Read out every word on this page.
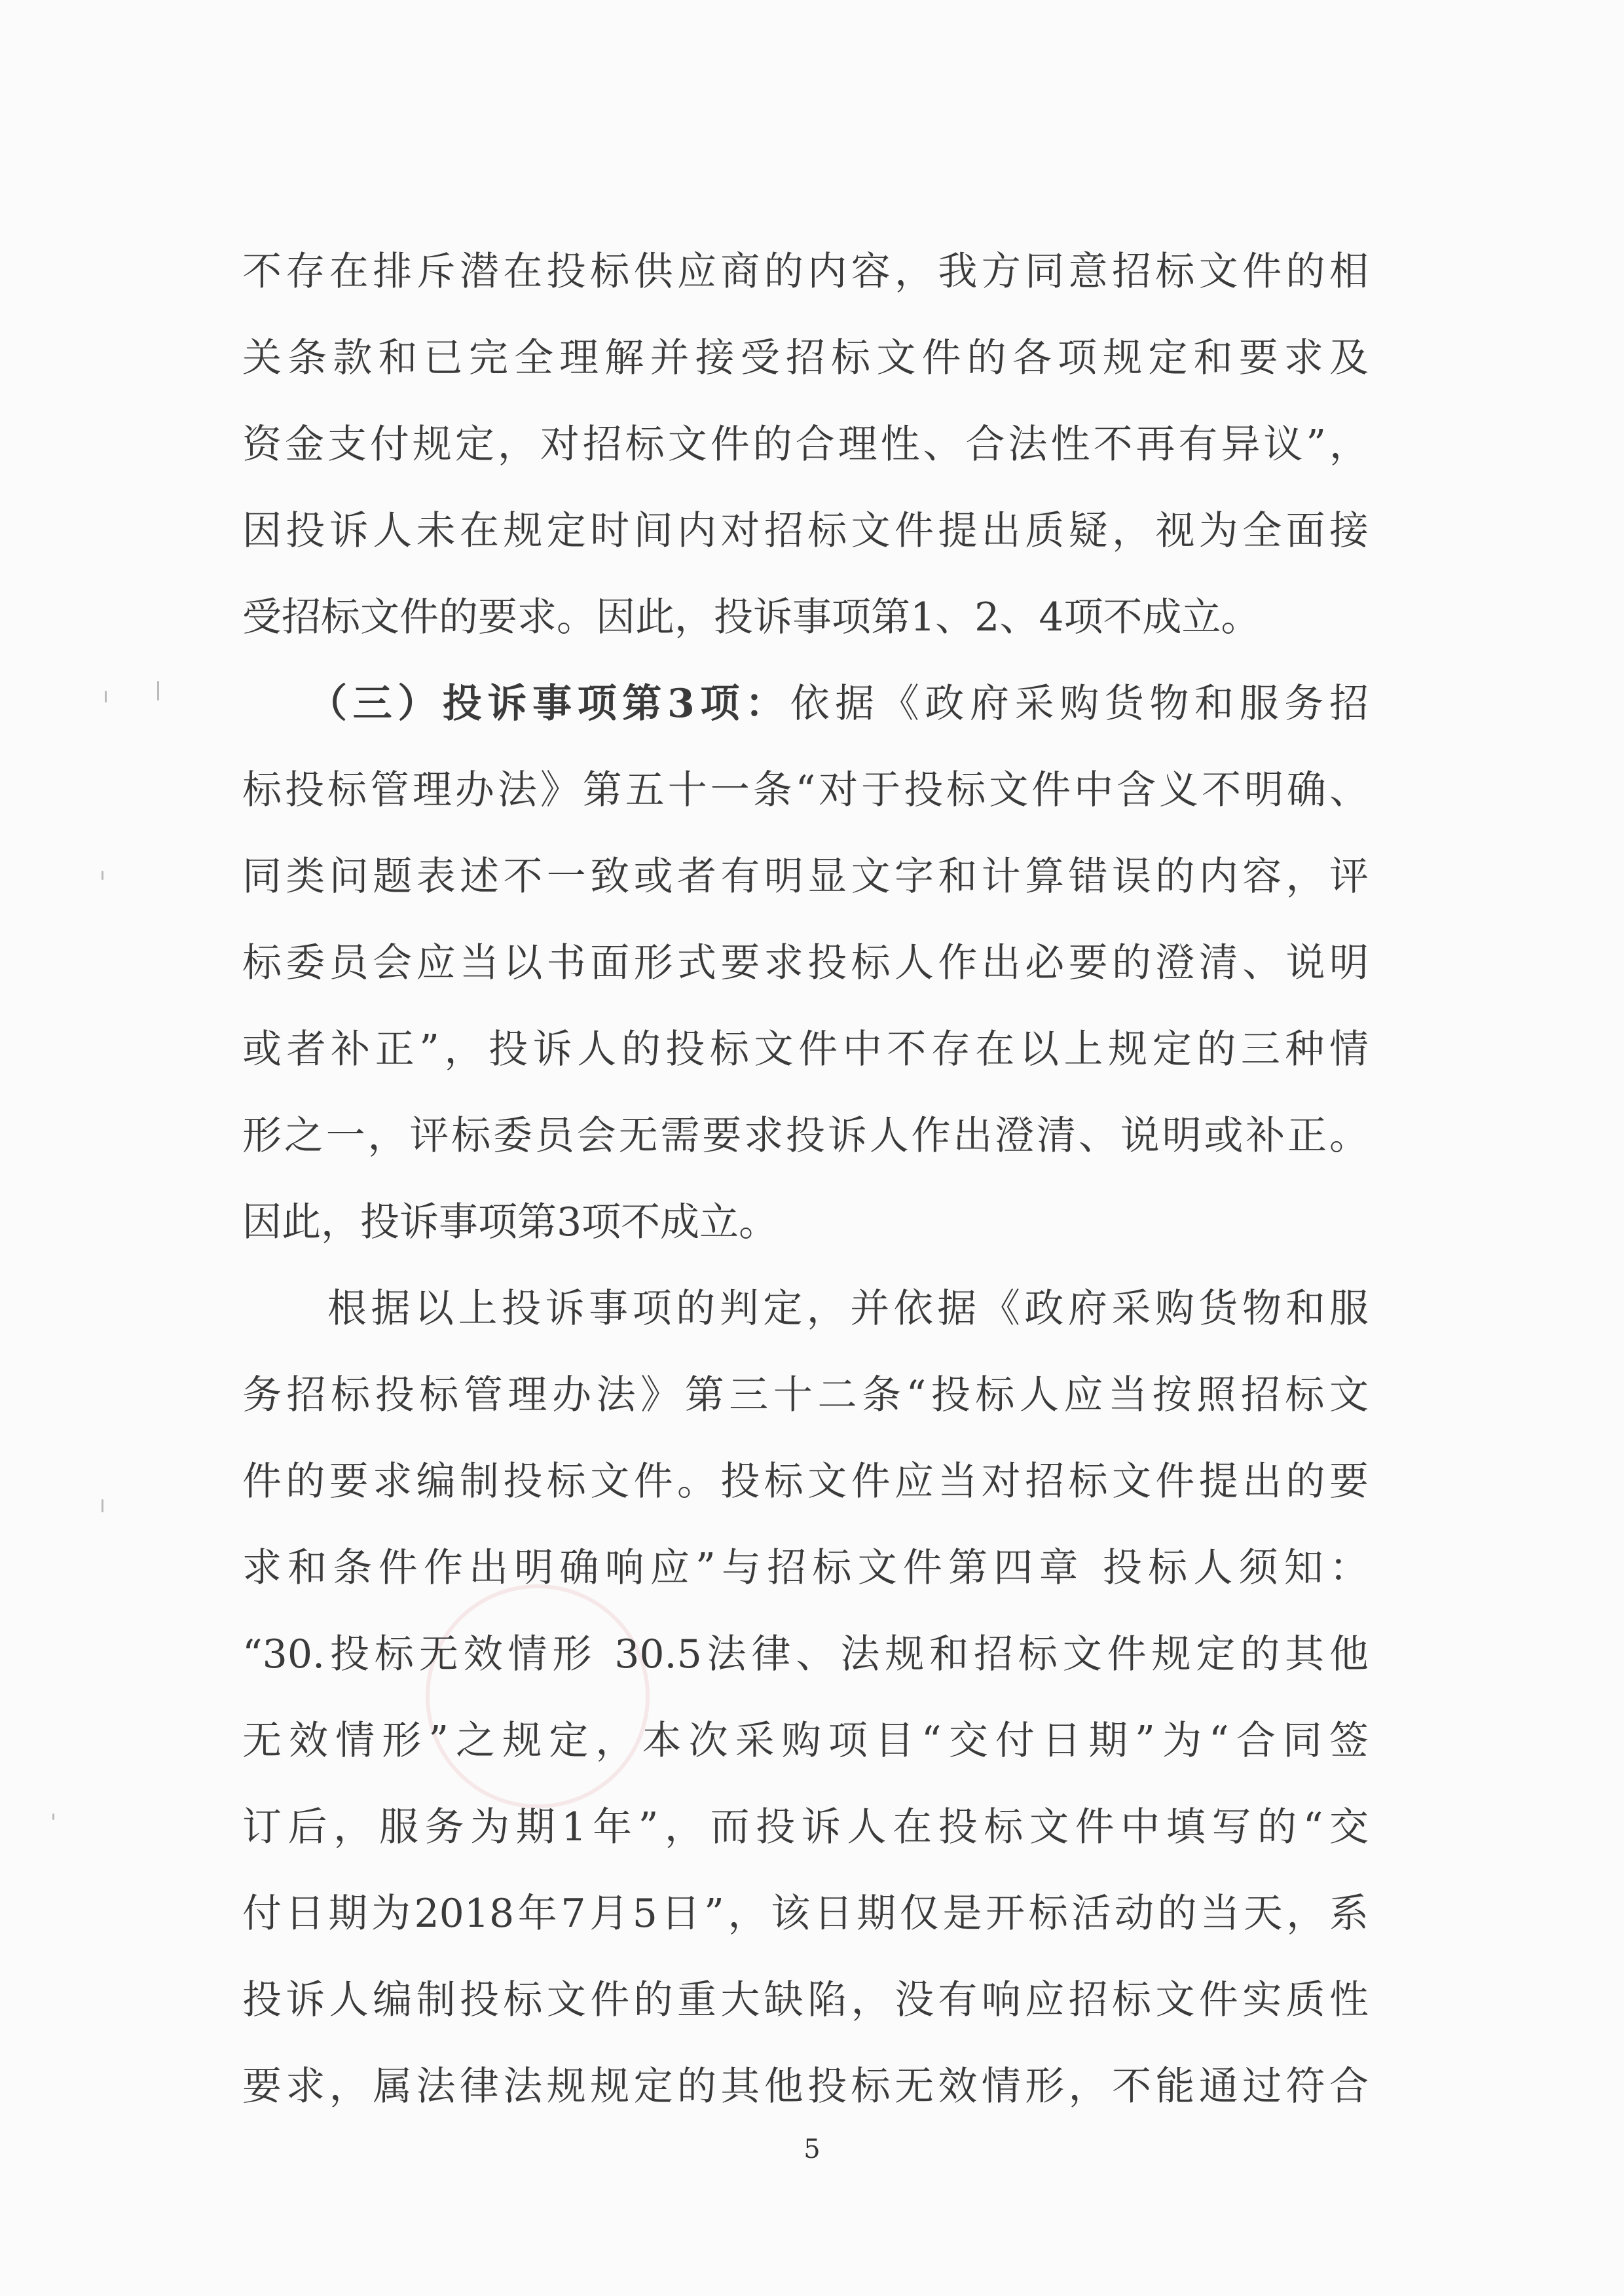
不存在排斥潜在投标供应商的内容，我方同意招标文件的相
关条款和已完全理解并接受招标文件的各项规定和要求及
资金支付规定，对招标文件的合理性、合法性不再有异议”，
因投诉人未在规定时间内对招标文件提出质疑，视为全面接
受招标文件的要求。因此，投诉事项第1、2、4项不成立。
（三）投诉事项第3项：依据《政府采购货物和服务招
标投标管理办法》第五十一条“对于投标文件中含义不明确、
同类问题表述不一致或者有明显文字和计算错误的内容，评
标委员会应当以书面形式要求投标人作出必要的澄清、说明
或者补正”，投诉人的投标文件中不存在以上规定的三种情
形之一，评标委员会无需要求投诉人作出澄清、说明或补正。
因此，投诉事项第3项不成立。
根据以上投诉事项的判定，并依据《政府采购货物和服
务招标投标管理办法》第三十二条“投标人应当按照招标文
件的要求编制投标文件。投标文件应当对招标文件提出的要
求和条件作出明确响应”与招标文件第四章 投标人须知：
“30.投标无效情形 30.5法律、法规和招标文件规定的其他
无效情形”之规定，本次采购项目“交付日期”为“合同签
订后，服务为期1年”，而投诉人在投标文件中填写的“交
付日期为2018年7月5日”，该日期仅是开标活动的当天，系
投诉人编制投标文件的重大缺陷，没有响应招标文件实质性
要求，属法律法规规定的其他投标无效情形，不能通过符合
5
